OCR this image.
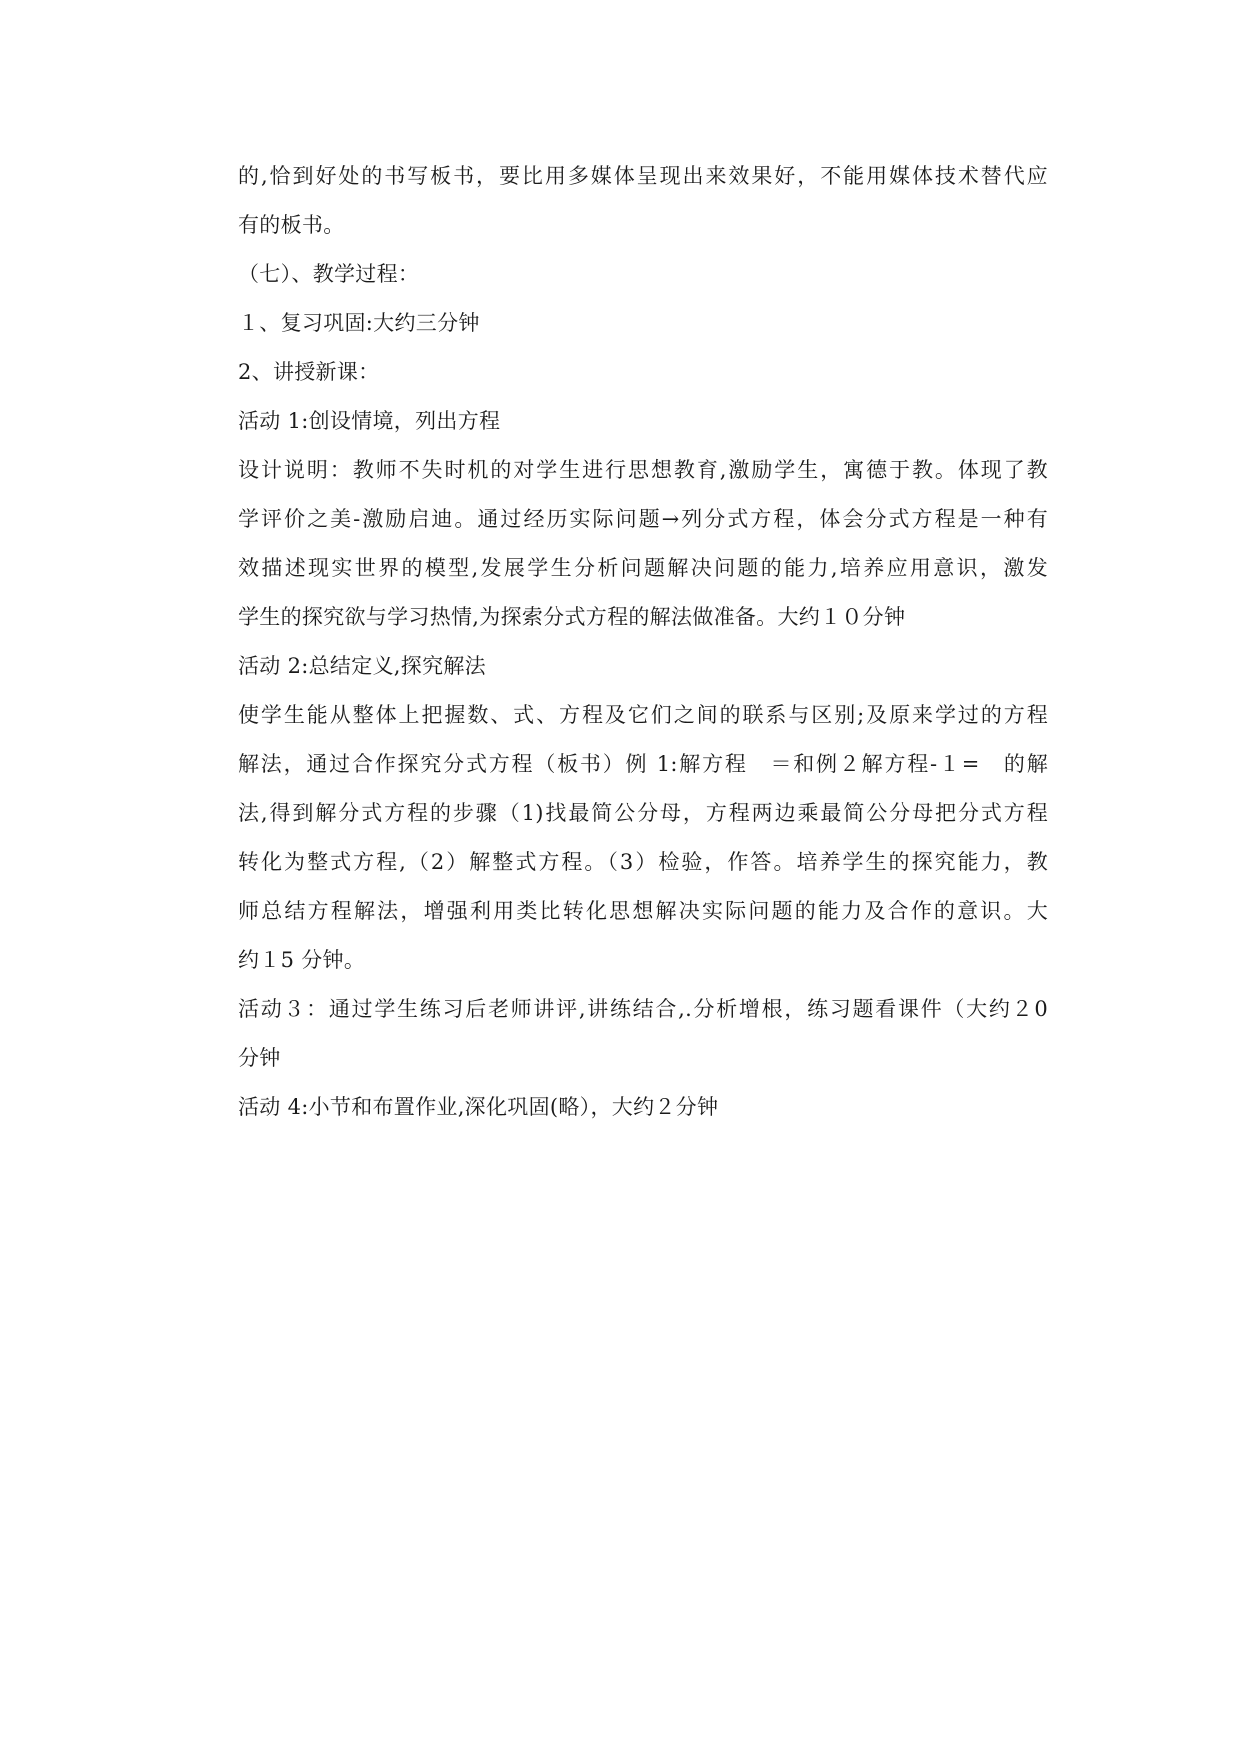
的,恰到好处的书写板书，要比用多媒体呈现出来效果好，不能用媒体技术替代应
有的板书。
（七）、教学过程：
１、复习巩固:大约三分钟
2、讲授新课：
活动 1:创设情境，列出方程
设计说明：教师不失时机的对学生进行思想教育,激励学生，寓德于教。体现了教
学评价之美-激励启迪。通过经历实际问题→列分式方程，体会分式方程是一种有
效描述现实世界的模型,发展学生分析问题解决问题的能力,培养应用意识，激发
学生的探究欲与学习热情,为探索分式方程的解法做准备。大约１０分钟
活动 2:总结定义,探究解法
使学生能从整体上把握数、式、方程及它们之间的联系与区别;及原来学过的方程
解法，通过合作探究分式方程（板书）例 1:解方程　＝和例２解方程-１=　的解
法,得到解分式方程的步骤（1)找最简公分母，方程两边乘最简公分母把分式方程
转化为整式方程,（2）解整式方程。（3）检验，作答。培养学生的探究能力，教
师总结方程解法，增强利用类比转化思想解决实际问题的能力及合作的意识。大
约１5 分钟。
活动３：通过学生练习后老师讲评,讲练结合,.分析增根，练习题看课件（大约２0
分钟
活动 4:小节和布置作业,深化巩固(略），大约２分钟
